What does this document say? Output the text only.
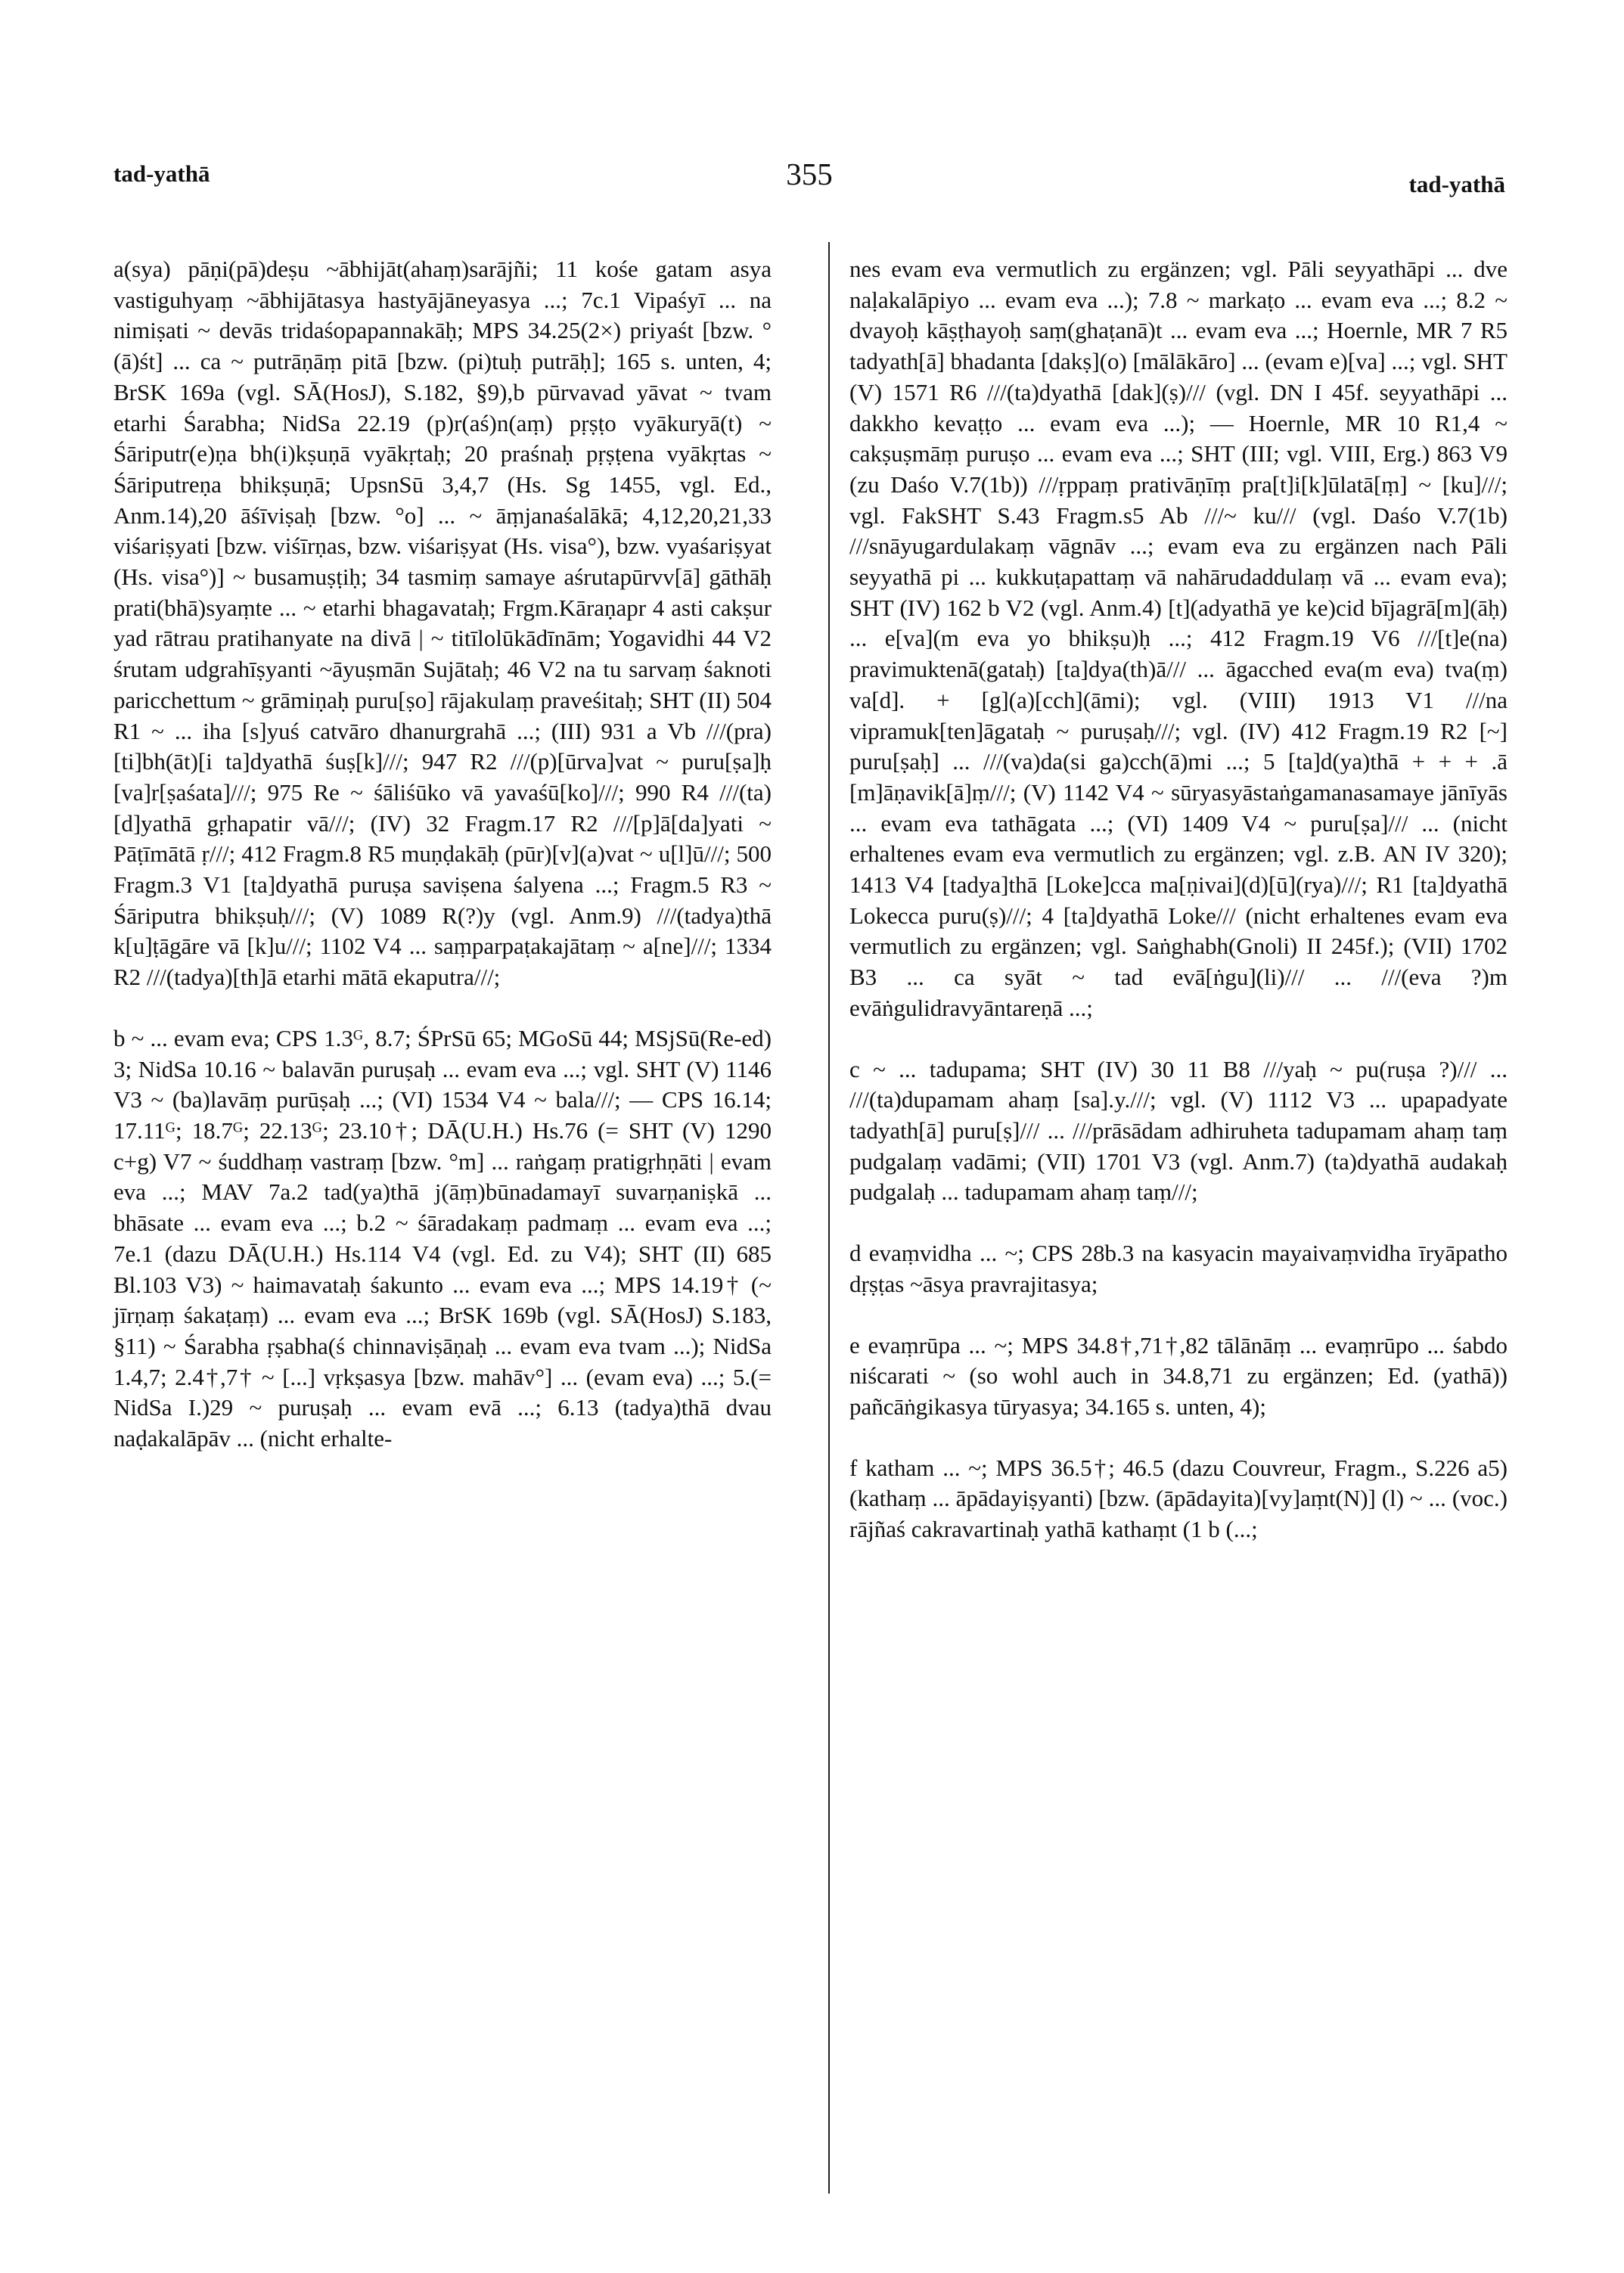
tad-yathā	355	tad-yathā

a(sya) pāṇi(pā)deṣu ~ābhijāt(ahaṃ)sarājñi; 11 kośe gatam asya vastiguhyaṃ ~ābhijātasya hastyājāneyasya ...; 7c.1 Vipaśyī ... na nimiṣati ~ devās tridaśopapannakāḥ; MPS 34.25(2×) priyaśt [bzw. °(ā)śt] ... ca ~ putrāṇāṃ pitā [bzw. (pi)tuḥ putrāḥ]; 165 s. unten, 4; BrSK 169a (vgl. SĀ(HosJ), S.182, §9),b pūrvavad yāvat ~ tvam etarhi Śarabha; NidSa 22.19 (p)r(aś)n(aṃ) pṛṣṭo vyākuryā(t) ~ Śāriputr(e)ṇa bh(i)kṣuṇā vyākṛtaḥ; 20 praśnaḥ pṛṣṭena vyākṛtas ~ Śāriputreṇa bhikṣuṇā; UpsnSū 3,4,7 (Hs. Sg 1455, vgl. Ed., Anm.14),20 āśīviṣaḥ [bzw. °o] ... ~ āṃjanaśalākā; 4,12,20,21,33 viśariṣyati [bzw. viśīrṇas, bzw. viśariṣyat (Hs. visa°), bzw. vyaśariṣyat (Hs. visa°)] ~ busamuṣṭiḥ; 34 tasmiṃ samaye aśrutapūrvv[ā] gāthāḥ prati(bhā)syaṃte ... ~ etarhi bhagavataḥ; Frgm.Kāraṇapr 4 asti cakṣur yad rātrau pratihanyate na divā | ~ titīlolūkādīnām; Yogavidhi 44 V2 śrutam udgrahīṣyanti ~āyuṣmān Sujātaḥ; 46 V2 na tu sarvaṃ śaknoti paricchettum ~ grāmiṇaḥ puru[ṣo] rājakulaṃ praveśitaḥ; SHT (II) 504 R1 ~ ... iha [s]yuś catvāro dhanurgrahā ...; (III) 931 a Vb ///(pra)[ti]bh(āt)[i ta]dyathā śuṣ[k]///; 947 R2 ///(p)[ūrva]vat ~ puru[ṣa]ḥ [va]r[ṣaśata]///; 975 Re ~ śāliśūko vā yavaśū[ko]///; 990 R4 ///(ta)[d]yathā gṛhapatir vā///; (IV) 32 Fragm.17 R2 ///[p]ā[da]yati ~ Pāṭīmātā ṛ///; 412 Fragm.8 R5 muṇḍakāḥ (pūr)[v](a)vat ~ u[l]ū///; 500 Fragm.3 V1 [ta]dyathā puruṣa saviṣena śalyena ...; Fragm.5 R3 ~ Śāriputra bhikṣuḥ///; (V) 1089 R(?)y (vgl. Anm.9) ///(tadya)thā k[u]ṭāgāre vā [k]u///; 1102 V4 ... saṃparpaṭakajātaṃ ~ a[ne]///; 1334 R2 ///(tadya)[th]ā etarhi mātā ekaputra///;

b ~ ... evam eva; CPS 1.3ᴳ, 8.7; ŚPrSū 65; MGoSū 44; MSjSū(Re-ed) 3; NidSa 10.16 ~ balavān puruṣaḥ ... evam eva ...; vgl. SHT (V) 1146 V3 ~ (ba)lavāṃ purūṣaḥ ...; (VI) 1534 V4 ~ bala///; — CPS 16.14; 17.11ᴳ; 18.7ᴳ; 22.13ᴳ; 23.10†; DĀ(U.H.) Hs.76 (= SHT (V) 1290 c+g) V7 ~ śuddhaṃ vastraṃ [bzw. °m] ... raṅgaṃ pratigṛhṇāti | evam eva ...; MAV 7a.2 tad(ya)thā j(āṃ)būnadamayī suvarṇaniṣkā ... bhāsate ... evam eva ...; b.2 ~ śāradakaṃ padmaṃ ... evam eva ...; 7e.1 (dazu DĀ(U.H.) Hs.114 V4 (vgl. Ed. zu V4); SHT (II) 685 Bl.103 V3) ~ haimavataḥ śakunto ... evam eva ...; MPS 14.19† (~ jīrṇaṃ śakaṭaṃ) ... evam eva ...; BrSK 169b (vgl. SĀ(HosJ) S.183, §11) ~ Śarabha ṛṣabha(ś chinnaviṣāṇaḥ ... evam eva tvam ...); NidSa 1.4,7; 2.4†,7† ~ [...] vṛkṣasya [bzw. mahāv°] ... (evam eva) ...; 5.(= NidSa I.)29 ~ puruṣaḥ ... evam evā ...; 6.13 (tadya)thā dvau naḍakalāpāv ... (nicht erhalte-

nes evam eva vermutlich zu ergänzen; vgl. Pāli seyyathāpi ... dve naḷakalāpiyo ... evam eva ...); 7.8 ~ markaṭo ... evam eva ...; 8.2 ~ dvayoḥ kāṣṭhayoḥ saṃ(ghaṭanā)t ... evam eva ...; Hoernle, MR 7 R5 tadyath[ā] bhadanta [dakṣ](o) [mālākāro] ... (evam e)[va] ...; vgl. SHT (V) 1571 R6 ///(ta)dyathā [dak](ṣ)/// (vgl. DN I 45f. seyyathāpi ... dakkho kevaṭṭo ... evam eva ...); — Hoernle, MR 10 R1,4 ~ cakṣuṣmāṃ puruṣo ... evam eva ...; SHT (III; vgl. VIII, Erg.) 863 V9 (zu Daśo V.7(1b)) ///ṛppaṃ prativāṇīṃ pra[t]i[k]ūlatā[ṃ] ~ [ku]///; vgl. FakSHT S.43 Fragm.s5 Ab ///~ ku/// (vgl. Daśo V.7(1b) ///snāyugardulakaṃ vāgnāv ...; evam eva zu ergänzen nach Pāli seyyathā pi ... kukkuṭapattaṃ vā nahārudaddulaṃ vā ... evam eva); SHT (IV) 162 b V2 (vgl. Anm.4) [t](adyathā ye ke)cid bījagrā[m](āḥ) ... e[va](m eva yo bhikṣu)ḥ ...; 412 Fragm.19 V6 ///[t]e(na) pravimuktenā(gataḥ) [ta]dya(th)ā/// ... āgacched eva(m eva) tva(ṃ) va[d]. + [g](a)[cch](āmi); vgl. (VIII) 1913 V1 ///na vipramuk[ten]āgataḥ ~ puruṣaḥ///; vgl. (IV) 412 Fragm.19 R2 [~] puru[ṣaḥ] ... ///(va)da(si ga)cch(ā)mi ...; 5 [ta]d(ya)thā + + + .ā [m]āṇavik[ā]ṃ///; (V) 1142 V4 ~ sūryasyāstaṅgamanasamaye jānīyās ... evam eva tathāgata ...; (VI) 1409 V4 ~ puru[ṣa]/// ... (nicht erhaltenes evam eva vermutlich zu ergänzen; vgl. z.B. AN IV 320); 1413 V4 [tadya]thā [Loke]cca ma[ṇivai](d)[ū](rya)///; R1 [ta]dyathā Lokecca puru(ṣ)///; 4 [ta]dyathā Loke/// (nicht erhaltenes evam eva vermutlich zu ergänzen; vgl. Saṅghabh(Gnoli) II 245f.); (VII) 1702 B3 ... ca syāt ~ tad evā[ṅgu](li)/// ... ///(eva ?)m evāṅgulidravyāntareṇā ...;

c ~ ... tadupama; SHT (IV) 30 11 B8 ///yaḥ ~ pu(ruṣa ?)/// ... ///(ta)dupamam ahaṃ [sa].y.///; vgl. (V) 1112 V3 ... upapadyate tadyath[ā] puru[ṣ]/// ... ///prāsādam adhiruheta tadupamam ahaṃ taṃ pudgalaṃ vadāmi; (VII) 1701 V3 (vgl. Anm.7) (ta)dyathā audakaḥ pudgalaḥ ... tadupamam ahaṃ taṃ///;

d evaṃvidha ... ~; CPS 28b.3 na kasyacin mayaivaṃvidha īryāpatho dṛṣṭas ~āsya pravrajitasya;

e evaṃrūpa ... ~; MPS 34.8†,71†,82 tālānāṃ ... evaṃrūpo ... śabdo niścarati ~ (so wohl auch in 34.8,71 zu ergänzen; Ed. (yathā)) pañcāṅgikasya tūryasya; 34.165 s. unten, 4);

f katham ... ~; MPS 36.5†; 46.5 (dazu Couvreur, Fragm., S.226 a5) (kathaṃ ... āpādayiṣyanti) [bzw. (āpādayita)[vy]aṃt(N)] (l) ~ ... (voc.) rājñaś cakravartinaḥ yathā kathaṃt (1 b (...;
